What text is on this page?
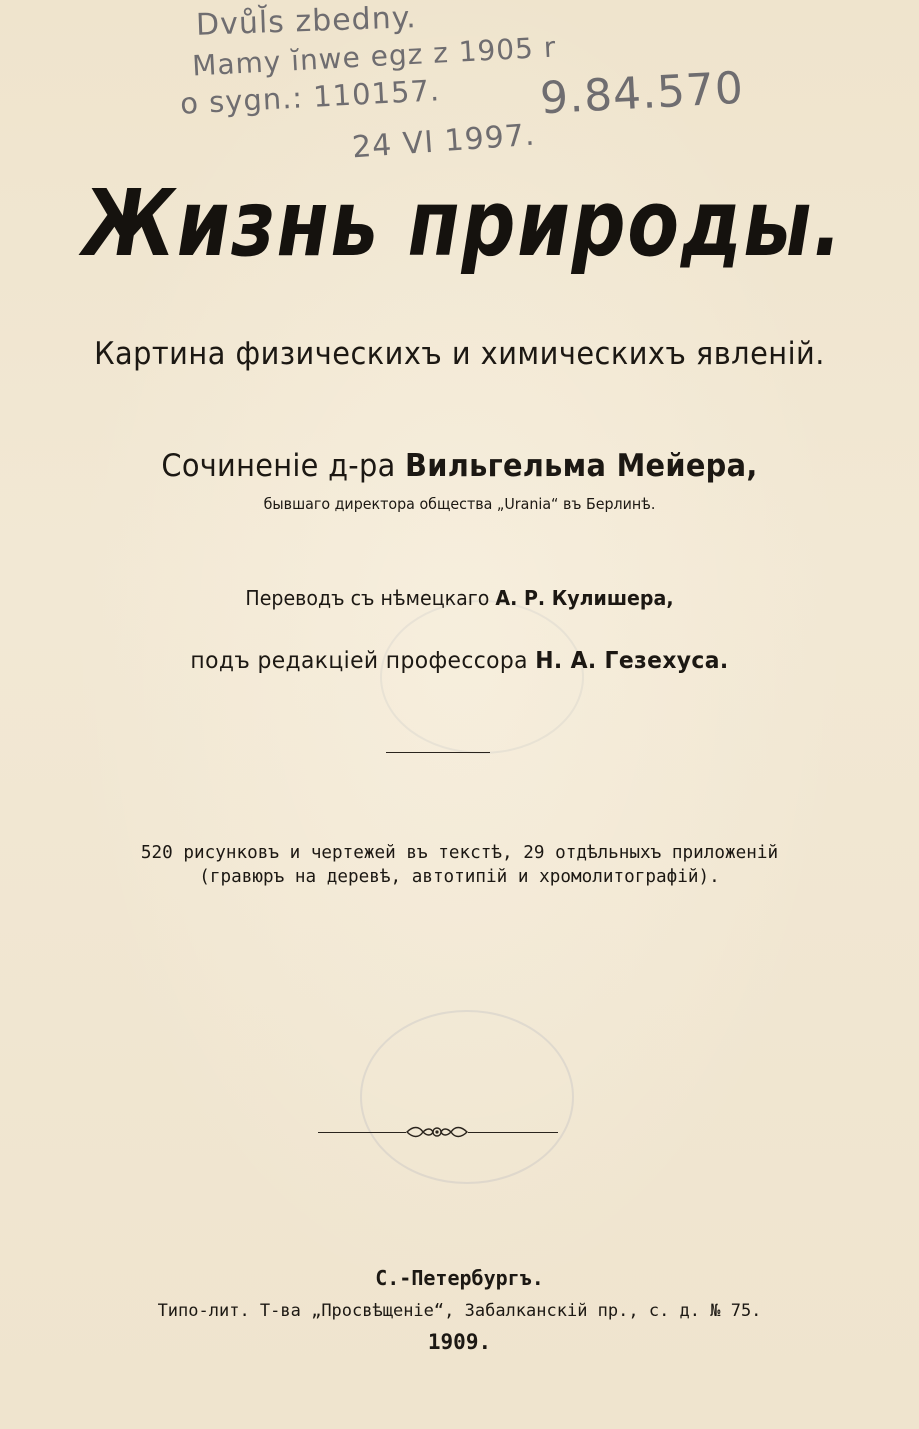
Dvůl̆s zbedny.
Mamy ĭnwe egz z 1905 r
o sygn.: 110157.
24 VI 1997.
9.84.570
Жизнь природы.
Картина физическихъ и химическихъ явленій.
Сочиненіе д-ра Вильгельма Мейера,
бывшаго директора общества „Urania“ въ Берлинѣ.
Переводъ съ нѣмецкаго А. Р. Кулишера,
подъ редакціей профессора Н. А. Гезехуса.
520 рисунковъ и чертежей въ текстѣ, 29 отдѣльныхъ приложеній
(гравюръ на деревѣ, автотипій и хромолитографій).
С.-Петербургъ.
Типо-лит. Т-ва „Просвѣщеніе“, Забалканскій пр., с. д. № 75.
1909.
